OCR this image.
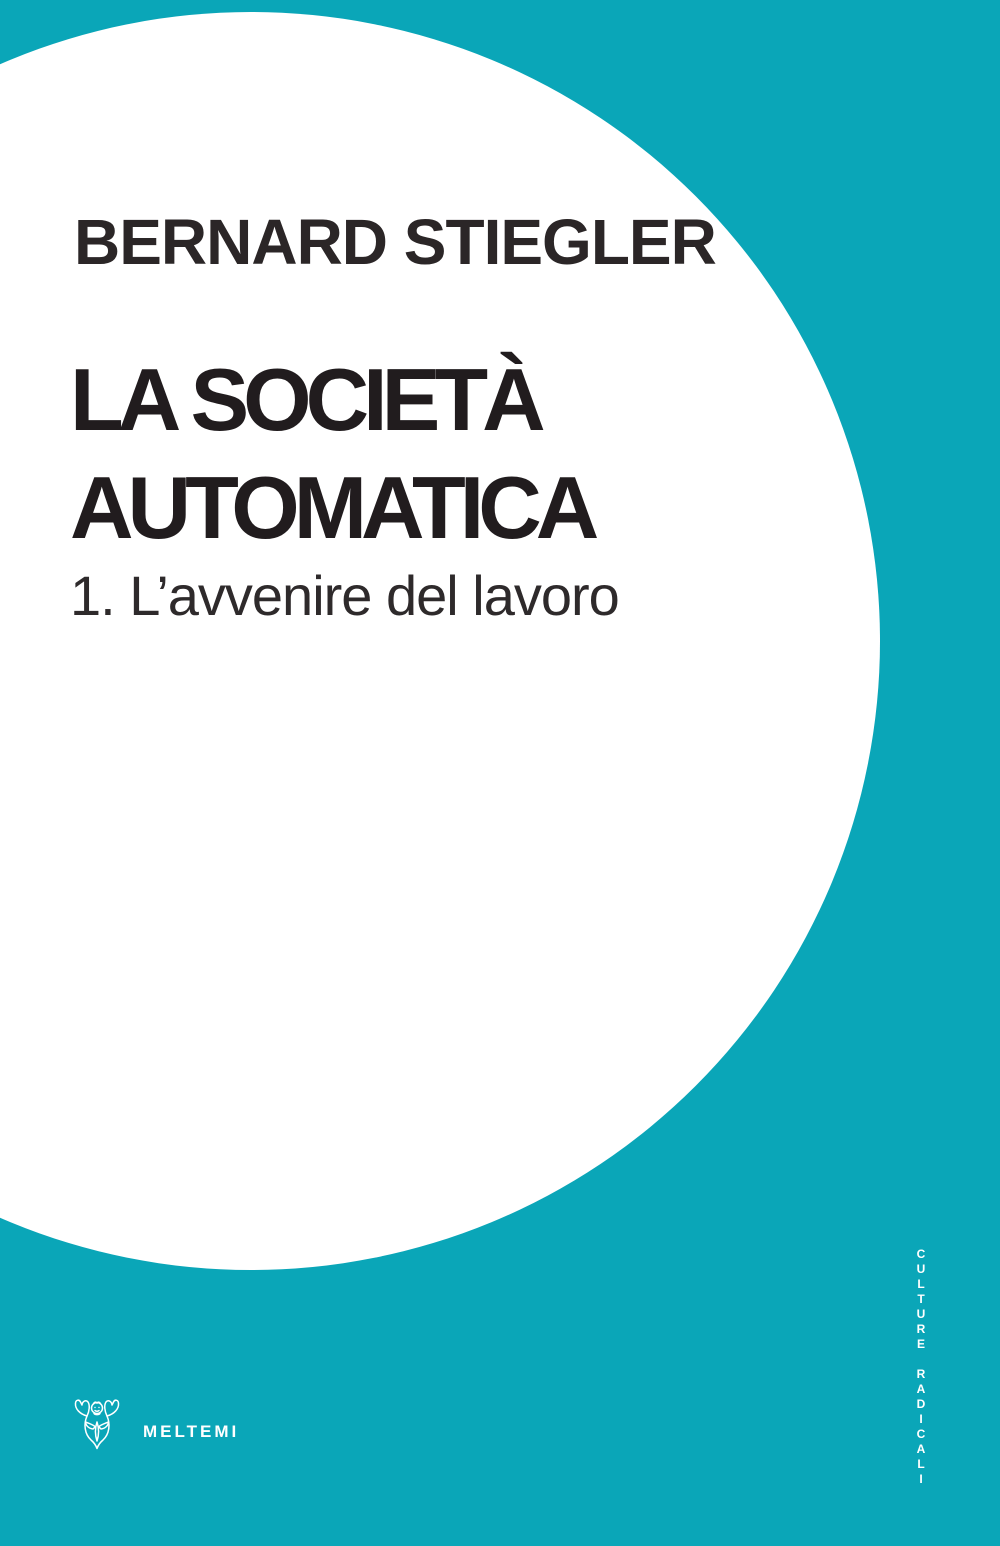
BERNARD STIEGLER
LA SOCIETÀ
AUTOMATICA
1. L’avvenire del lavoro
MELTEMI	CULTURE RADICALI
